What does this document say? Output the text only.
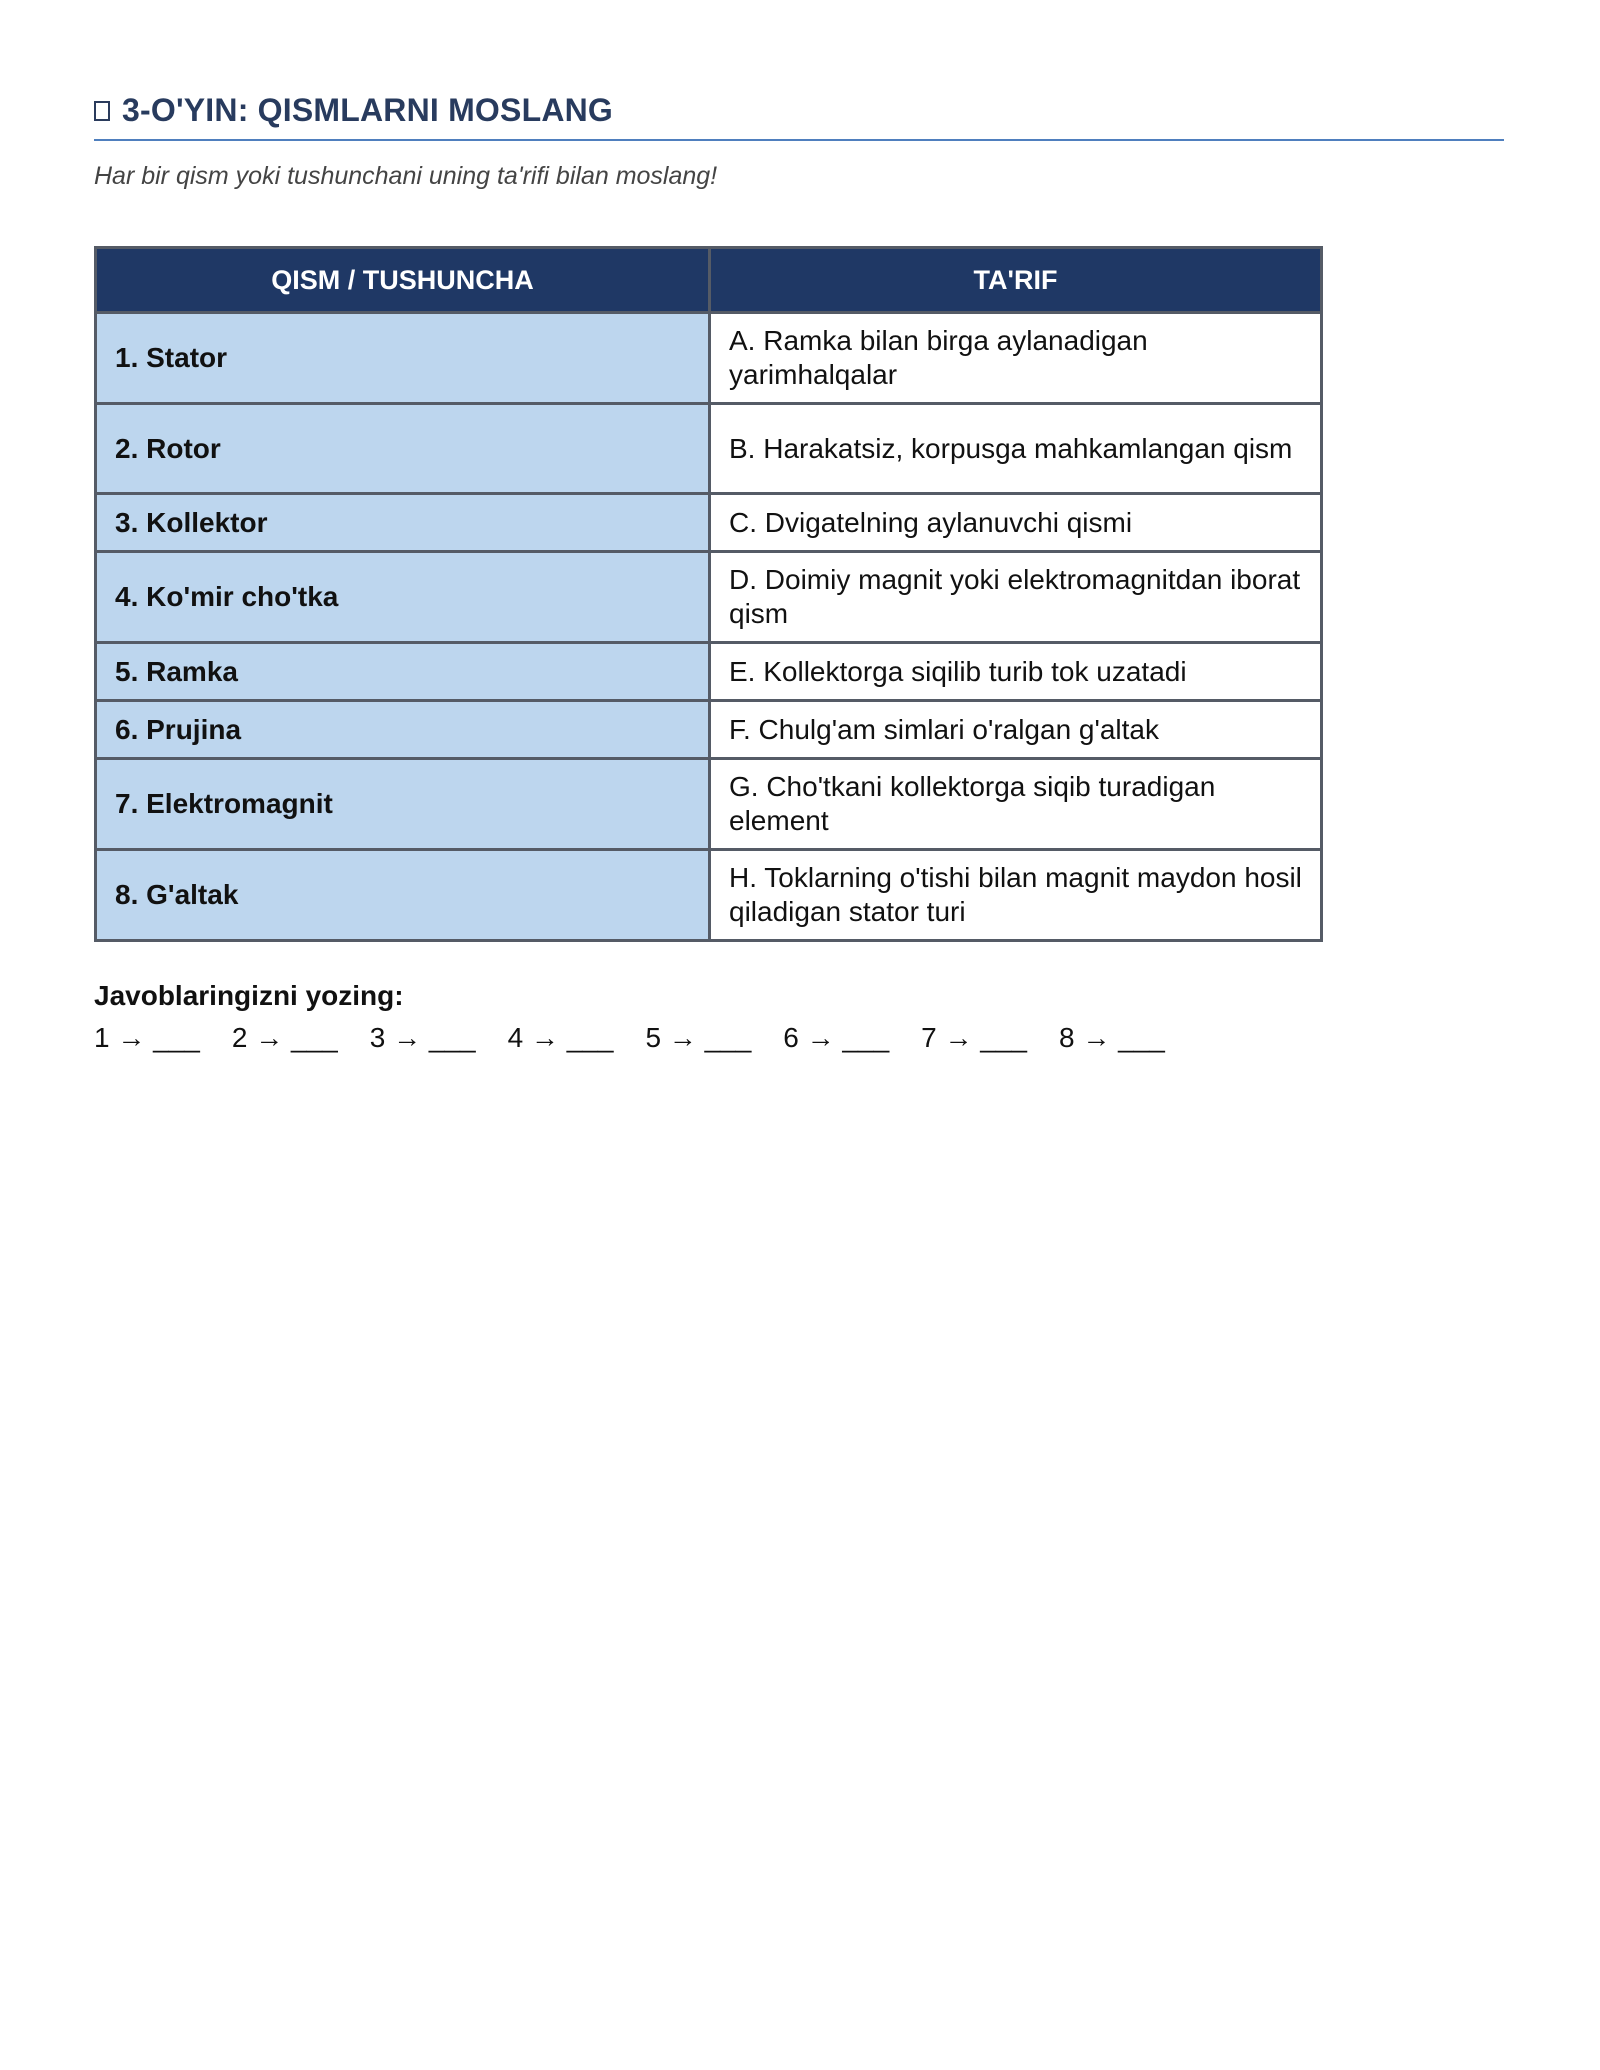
3-O'YIN: QISMLARNI MOSLANG
Har bir qism yoki tushunchani uning ta'rifi bilan moslang!
QISM / TUSHUNCHA	TA'RIF
1. Stator	A. Ramka bilan birga aylanadigan yarimhalqalar
2. Rotor	B. Harakatsiz, korpusga mahkamlangan qism
3. Kollektor	C. Dvigatelning aylanuvchi qismi
4. Ko'mir cho'tka	D. Doimiy magnit yoki elektromagnitdan iborat qism
5. Ramka	E. Kollektorga siqilib turib tok uzatadi
6. Prujina	F. Chulg'am simlari o'ralgan g'altak
7. Elektromagnit	G. Cho'tkani kollektorga siqib turadigan element
8. G'altak	H. Toklarning o'tishi bilan magnit maydon hosil qiladigan stator turi
Javoblaringizni yozing:
1 → ___ 2 → ___ 3 → ___ 4 → ___ 5 → ___ 6 → ___ 7 → ___ 8 → ___
